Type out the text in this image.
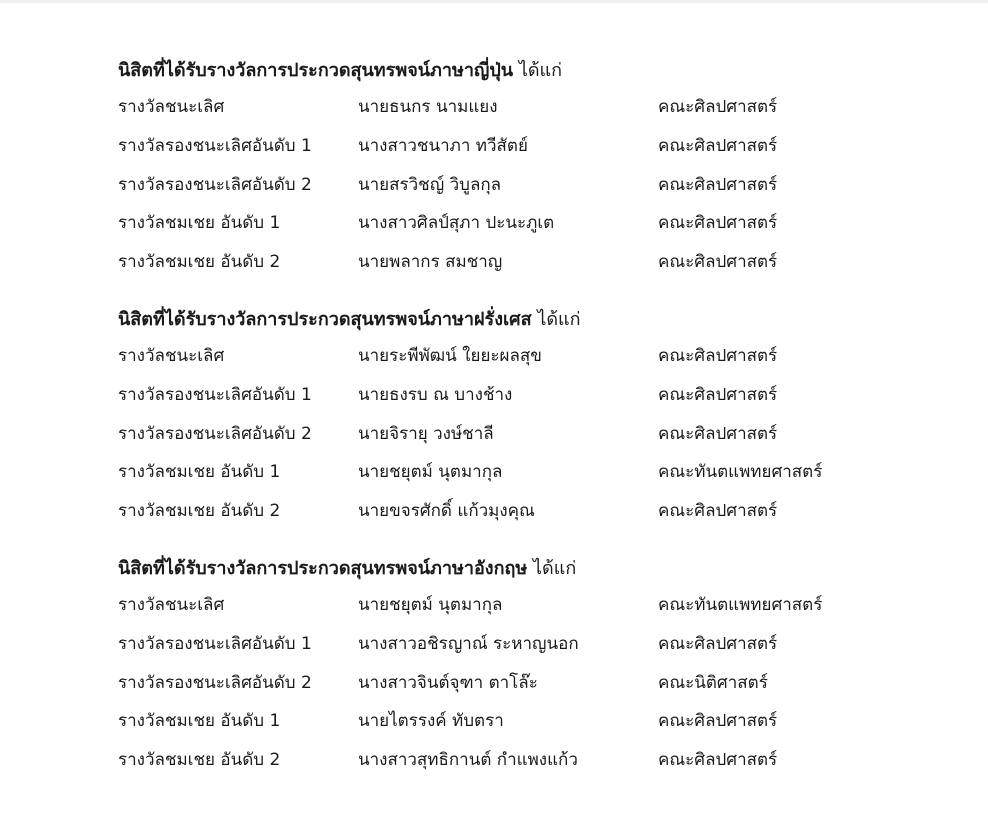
นิสิตที่ได้รับรางวัลการประกวดสุนทรพจน์ภาษาญี่ปุ่น ได้แก่
รางวัลชนะเลิศ	นายธนกร นามแยง	คณะศิลปศาสตร์
รางวัลรองชนะเลิศอันดับ 1	นางสาวชนาภา ทวีสัตย์	คณะศิลปศาสตร์
รางวัลรองชนะเลิศอันดับ 2	นายสรวิชญ์ วิบูลกุล	คณะศิลปศาสตร์
รางวัลชมเชย อันดับ 1	นางสาวศิลป์สุภา ปะนะภูเต	คณะศิลปศาสตร์
รางวัลชมเชย อันดับ 2	นายพลากร สมชาญ	คณะศิลปศาสตร์
นิสิตที่ได้รับรางวัลการประกวดสุนทรพจน์ภาษาฝรั่งเศส ได้แก่
รางวัลชนะเลิศ	นายระพีพัฒน์ ใยยะผลสุข	คณะศิลปศาสตร์
รางวัลรองชนะเลิศอันดับ 1	นายธงรบ ณ บางช้าง	คณะศิลปศาสตร์
รางวัลรองชนะเลิศอันดับ 2	นายจิรายุ วงษ์ชาลี	คณะศิลปศาสตร์
รางวัลชมเชย อันดับ 1	นายชยุตม์ นุตมากุล	คณะทันตแพทยศาสตร์
รางวัลชมเชย อันดับ 2	นายขจรศักดิ์ แก้วมุงคุณ	คณะศิลปศาสตร์
นิสิตที่ได้รับรางวัลการประกวดสุนทรพจน์ภาษาอังกฤษ ได้แก่
รางวัลชนะเลิศ	นายชยุตม์ นุตมากุล	คณะทันตแพทยศาสตร์
รางวัลรองชนะเลิศอันดับ 1	นางสาวอชิรญาณ์ ระหาญนอก	คณะศิลปศาสตร์
รางวัลรองชนะเลิศอันดับ 2	นางสาวจินต์จุฑา ตาโล๊ะ	คณะนิติศาสตร์
รางวัลชมเชย อันดับ 1	นายไตรรงค์ ทับตรา	คณะศิลปศาสตร์
รางวัลชมเชย อันดับ 2	นางสาวสุทธิกานต์ กำแพงแก้ว	คณะศิลปศาสตร์
